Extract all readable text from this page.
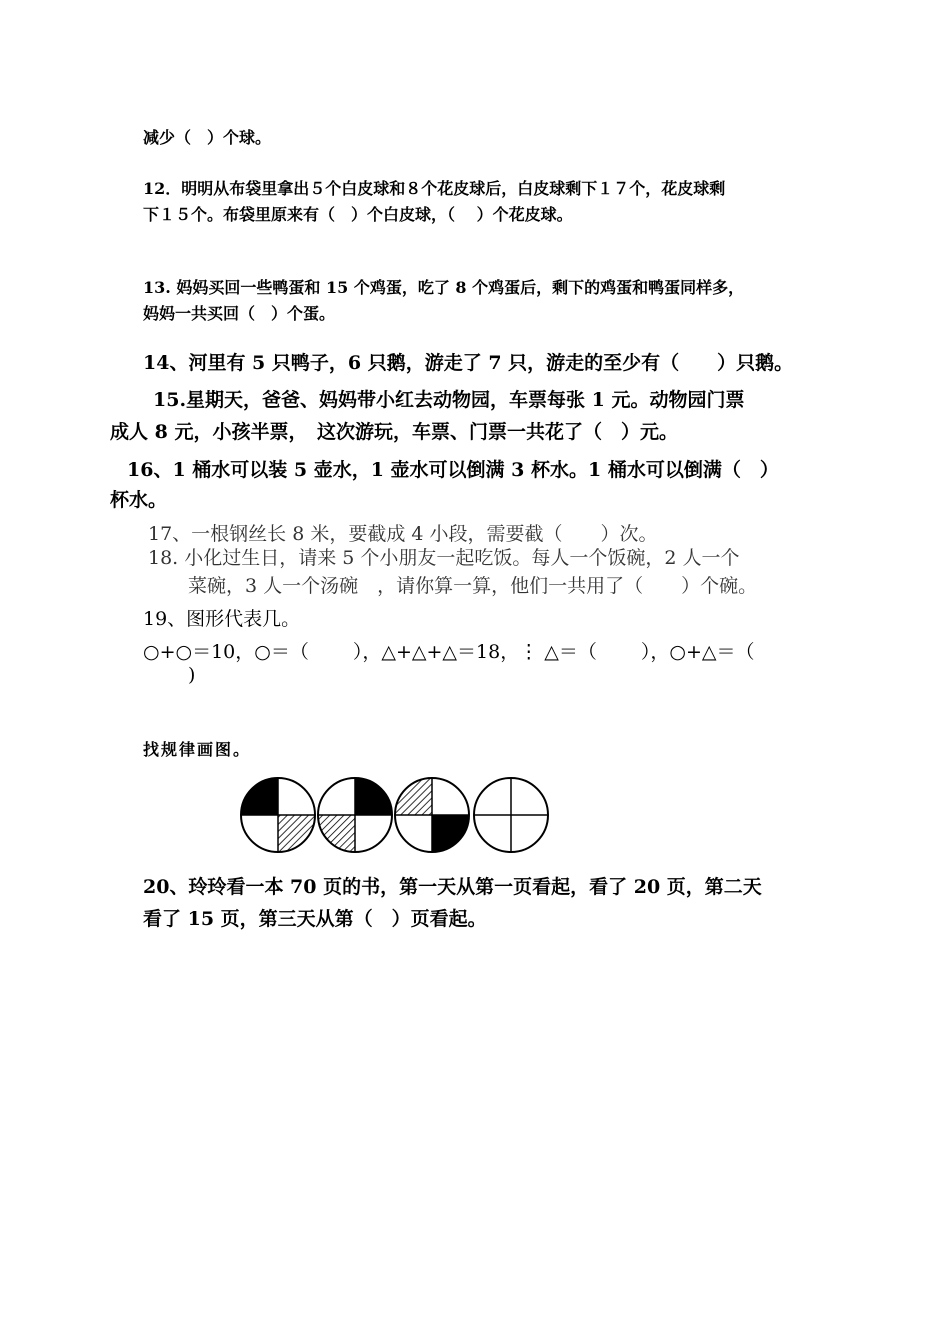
减少（　）个球。
12．明明从布袋里拿出５个白皮球和８个花皮球后，白皮球剩下１７个，花皮球剩
下１５个。布袋里原来有（　）个白皮球，（　 ）个花皮球。
13. 妈妈买回一些鸭蛋和 15 个鸡蛋，吃了 8 个鸡蛋后，剩下的鸡蛋和鸭蛋同样多，
妈妈一共买回（　）个蛋。
14、河里有 5 只鸭子，6 只鹅，游走了 7 只，游走的至少有（　　）只鹅。
15.星期天，爸爸、妈妈带小红去动物园，车票每张 1 元。动物园门票
成人 8 元，小孩半票，　这次游玩，车票、门票一共花了（　）元。
16、1 桶水可以装 5 壶水，1 壶水可以倒满 3 杯水。1 桶水可以倒满（　）
杯水。
17、一根钢丝长 8 米，要截成 4 小段，需要截（　　）次。
18. 小化过生日，请来 5 个小朋友一起吃饭。每人一个饭碗，2 人一个
菜碗，3 人一个汤碗　，请你算一算，他们一共用了（　　）个碗。
19、图形代表几。
○+○＝10，○＝（　　 ），△+△+△＝18，⋮ △＝（　　 ），○+△＝（
)
找规律画图。
20、玲玲看一本 70 页的书，第一天从第一页看起，看了 20 页，第二天
看了 15 页，第三天从第（　）页看起。
